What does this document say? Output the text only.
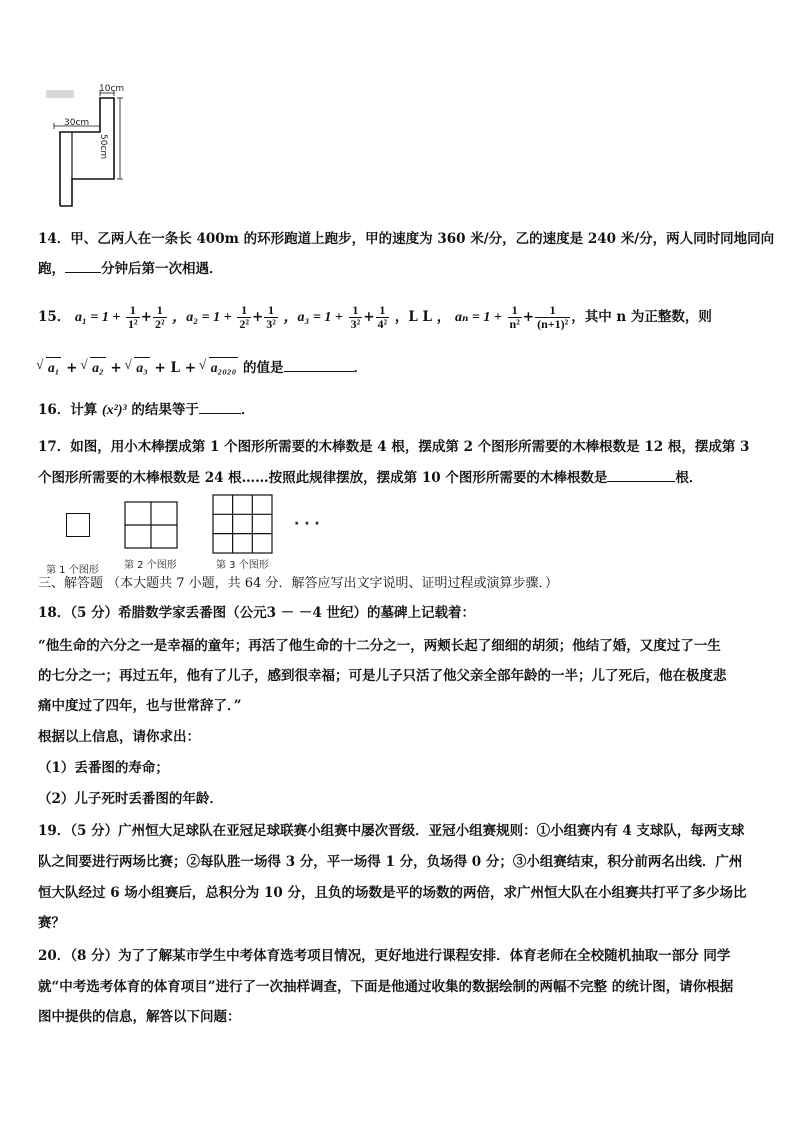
10cm
30cm
50cm
14．甲、乙两人在一条长 400m 的环形跑道上跑步，甲的速度为 360 米/分，乙的速度是 240 米/分，两人同时同地同向
跑，	分钟后第一次相遇．
15． $a_1 = 1 + \frac{1}{\text{1²}} + \frac{1}{\text{2²}}$ ，$a_2 = 1 + \frac{1}{\text{2²}} + \frac{1}{\text{3²}}$ ，$a_3 = 1 + \frac{1}{\text{3²}} + \frac{1}{\text{4²}}$ ，L L ， $a_n = 1 + \frac{1}{\text{n²}} + \frac{1}{\text{(n+1)²}}$ ，其中 n 为正整数，则
√ a₁ + √ a₂ + √ a₃ + L + √ a₂₀₂₀ 的值是	．
16．计算 (x²)³ 的结果等于	．
17．如图，用小木棒摆成第 1 个图形所需要的木棒数是 4 根，摆成第 2 个图形所需要的木棒根数是 12 根，摆成第 3
个图形所需要的木棒根数是 24 根……按照此规律摆放，摆成第 10 个图形所需要的木棒根数是	根．
· · ·
第 1 个图形	第 2 个图形	第 3 个图形
三、解答题 （本大题共 7 小题，共 64 分．解答应写出文字说明、证明过程或演算步骤．）
18．（5 分）希腊数学家丢番图（公元3 － －4 世纪）的墓碑上记载着：
“他生命的六分之一是幸福的童年；再活了他生命的十二分之一，两颊长起了细细的胡须；他结了婚，又度过了一生
的七分之一；再过五年，他有了儿子，感到很幸福；可是儿子只活了他父亲全部年龄的一半；儿了死后，他在极度悲
痛中度过了四年，也与世常辞了．”
根据以上信息，请你求出：
（1）丢番图的寿命；
（2）儿子死时丢番图的年龄．
19．（5 分）广州恒大足球队在亚冠足球联赛小组赛中屡次晋级．亚冠小组赛规则：①小组赛内有 4 支球队，每两支球
队之间要进行两场比赛；②每队胜一场得 3 分，平一场得 1 分，负场得 0 分；③小组赛结束，积分前两名出线．广州
恒大队经过 6 场小组赛后，总积分为 10 分，且负的场数是平的场数的两倍，求广州恒大队在小组赛共打平了多少场比
赛？
20．（8 分）为了了解某市学生中考体育选考项目情况，更好地进行课程安排．体育老师在全校随机抽取一部分 同学
就“中考选考体育的体育项目”进行了一次抽样调查，下面是他通过收集的数据绘制的两幅不完整 的统计图，请你根据
图中提供的信息，解答以下问题：
